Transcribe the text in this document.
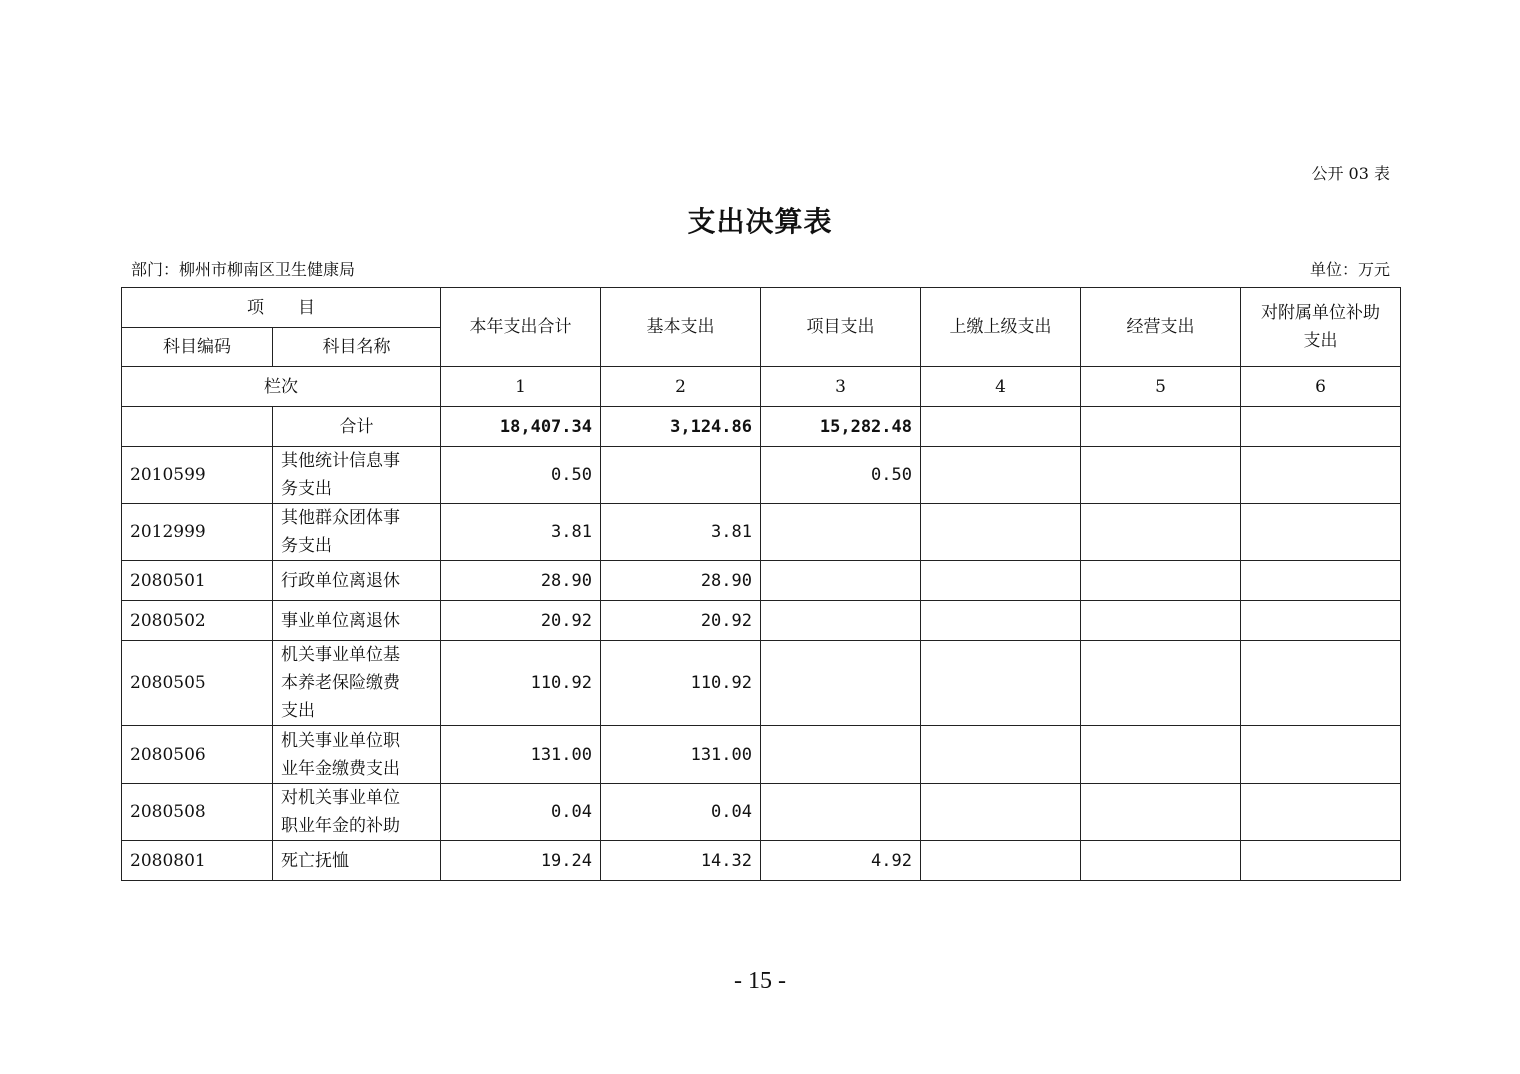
公开 03 表
支出决算表
部门：柳州市柳南区卫生健康局	单位：万元
项　　目		本年支出合计	基本支出	项目支出	上缴上级支出	经营支出	对附属单位补助
支出

科目编码	科目名称						
栏次		1	2	3	4	5	6
	合计	18,407.34	3,124.86	15,282.48			
2010599	其他统计信息事
务支出	0.50		0.50			
2012999	其他群众团体事
务支出	3.81	3.81				
2080501	行政单位离退休	28.90	28.90				
2080502	事业单位离退休	20.92	20.92				
2080505	机关事业单位基
本养老保险缴费
支出	110.92	110.92				
2080506	机关事业单位职
业年金缴费支出	131.00	131.00				
2080508	对机关事业单位
职业年金的补助	0.04	0.04				
2080801	死亡抚恤	19.24	14.32	4.92			
- 15 -
